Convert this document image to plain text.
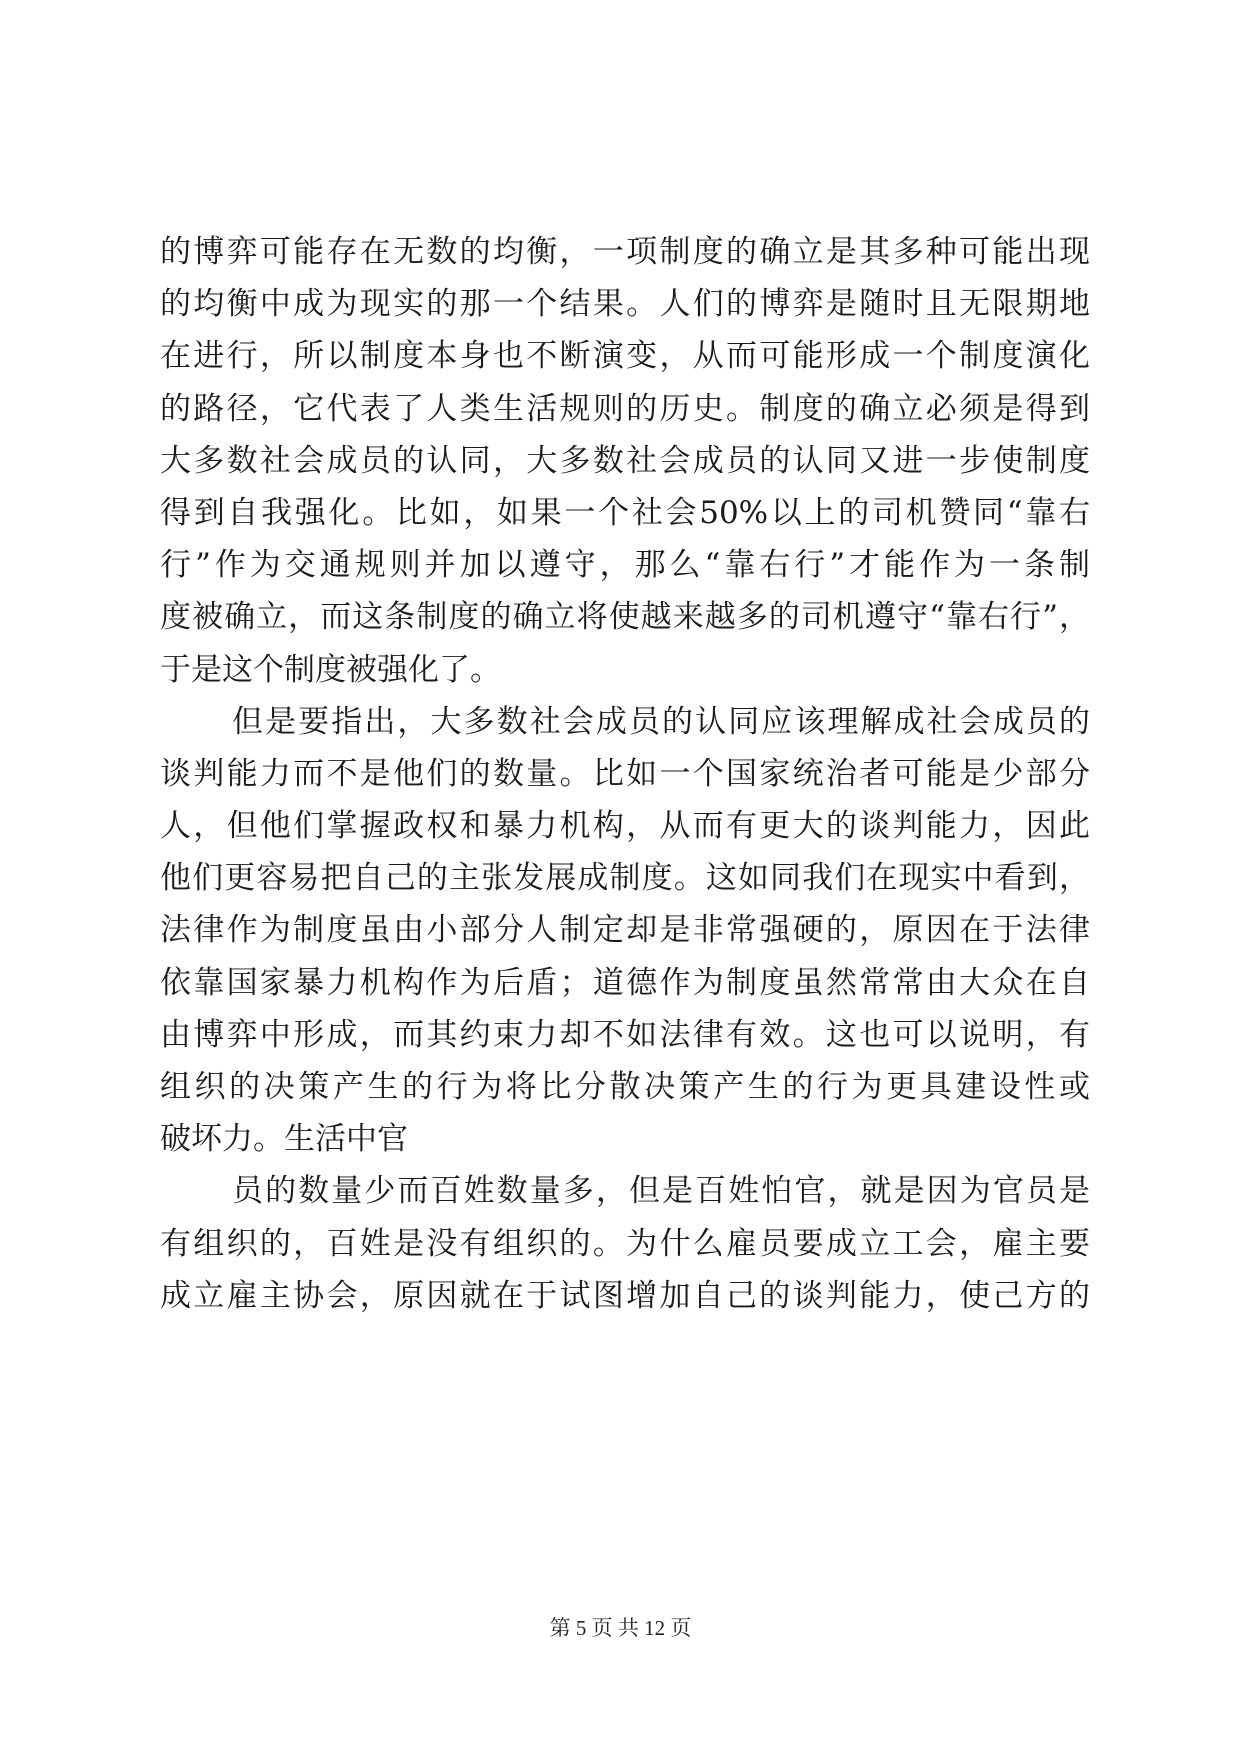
的博弈可能存在无数的均衡，一项制度的确立是其多种可能出现
的均衡中成为现实的那一个结果。人们的博弈是随时且无限期地
在进行，所以制度本身也不断演变，从而可能形成一个制度演化
的路径，它代表了人类生活规则的历史。制度的确立必须是得到
大多数社会成员的认同，大多数社会成员的认同又进一步使制度
得到自我强化。比如，如果一个社会50%以上的司机赞同“靠右
行”作为交通规则并加以遵守，那么“靠右行”才能作为一条制
度被确立，而这条制度的确立将使越来越多的司机遵守“靠右行”，
于是这个制度被强化了。
但是要指出，大多数社会成员的认同应该理解成社会成员的
谈判能力而不是他们的数量。比如一个国家统治者可能是少部分
人，但他们掌握政权和暴力机构，从而有更大的谈判能力，因此
他们更容易把自己的主张发展成制度。这如同我们在现实中看到，
法律作为制度虽由小部分人制定却是非常强硬的，原因在于法律
依靠国家暴力机构作为后盾；道德作为制度虽然常常由大众在自
由博弈中形成，而其约束力却不如法律有效。这也可以说明，有
组织的决策产生的行为将比分散决策产生的行为更具建设性或
破坏力。生活中官
员的数量少而百姓数量多，但是百姓怕官，就是因为官员是
有组织的，百姓是没有组织的。为什么雇员要成立工会，雇主要
成立雇主协会，原因就在于试图增加自己的谈判能力，使己方的
第 5 页 共 12 页
